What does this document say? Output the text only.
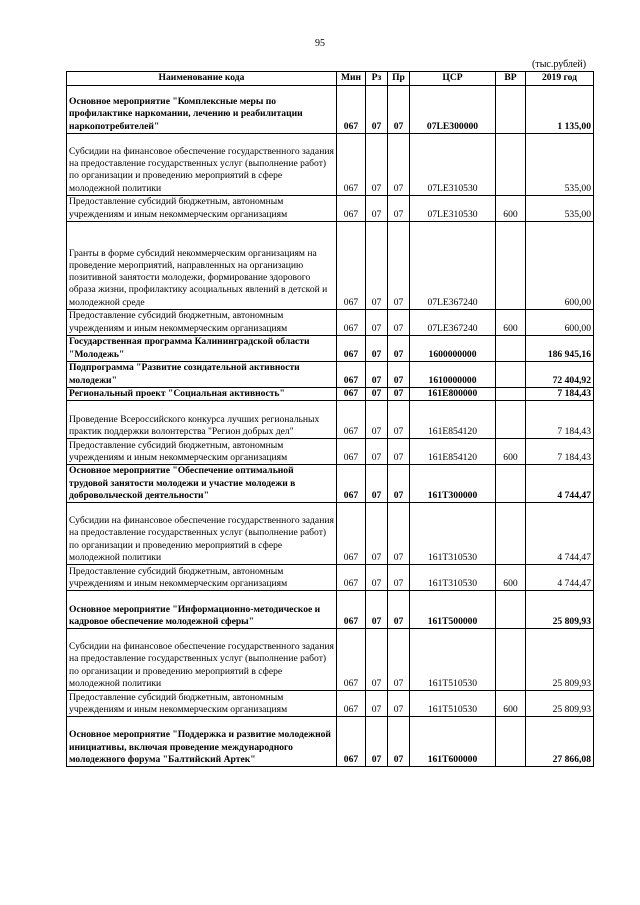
95
(тыс.рублей)
Наименование кода	Мин	Рз	Пр	ЦСР	ВР	2019 год
Основное мероприятие "Комплексные меры по профилактике наркомании, лечению и реабилитации наркопотребителей"	067	07	07	07LE300000		1 135,00
Субсидии на финансовое обеспечение государственного задания на предоставление государственных услуг (выполнение работ) по организации и проведению мероприятий в сфере молодежной политики	067	07	07	07LE310530		535,00
Предоставление субсидий бюджетным, автономным учреждениям и иным некоммерческим организациям	067	07	07	07LE310530	600	535,00
Гранты в форме субсидий некоммерческим организациям на проведение мероприятий, направленных на организацию позитивной занятости молодежи, формирование здорового образа жизни, профилактику асоциальных явлений в детской и молодежной среде	067	07	07	07LE367240		600,00
Предоставление субсидий бюджетным, автономным учреждениям и иным некоммерческим организациям	067	07	07	07LE367240	600	600,00
Государственная программа Калининградской области "Молодежь"	067	07	07	1600000000		186 945,16
Подпрограмма "Развитие созидательной активности молодежи"	067	07	07	1610000000		72 404,92
Региональный проект "Социальная активность"	067	07	07	161E800000		7 184,43
Проведение Всероссийского конкурса лучших региональных практик поддержки волонтерства "Регион добрых дел"	067	07	07	161E854120		7 184,43
Предоставление субсидий бюджетным, автономным учреждениям и иным некоммерческим организациям	067	07	07	161E854120	600	7 184,43
Основное мероприятие "Обеспечение оптимальной трудовой занятости молодежи и участие молодежи в добровольческой деятельности"	067	07	07	161T300000		4 744,47
Субсидии на финансовое обеспечение государственного задания на предоставление государственных услуг (выполнение работ) по организации и проведению мероприятий в сфере молодежной политики	067	07	07	161T310530		4 744,47
Предоставление субсидий бюджетным, автономным учреждениям и иным некоммерческим организациям	067	07	07	161T310530	600	4 744,47
Основное мероприятие "Информационно-методическое и кадровое обеспечение молодежной сферы"	067	07	07	161T500000		25 809,93
Субсидии на финансовое обеспечение государственного задания на предоставление государственных услуг (выполнение работ) по организации и проведению мероприятий в сфере молодежной политики	067	07	07	161T510530		25 809,93
Предоставление субсидий бюджетным, автономным учреждениям и иным некоммерческим организациям	067	07	07	161T510530	600	25 809,93
Основное мероприятие "Поддержка и развитие молодежной инициативы, включая проведение международного молодежного форума "Балтийский Артек"	067	07	07	161T600000		27 866,08
